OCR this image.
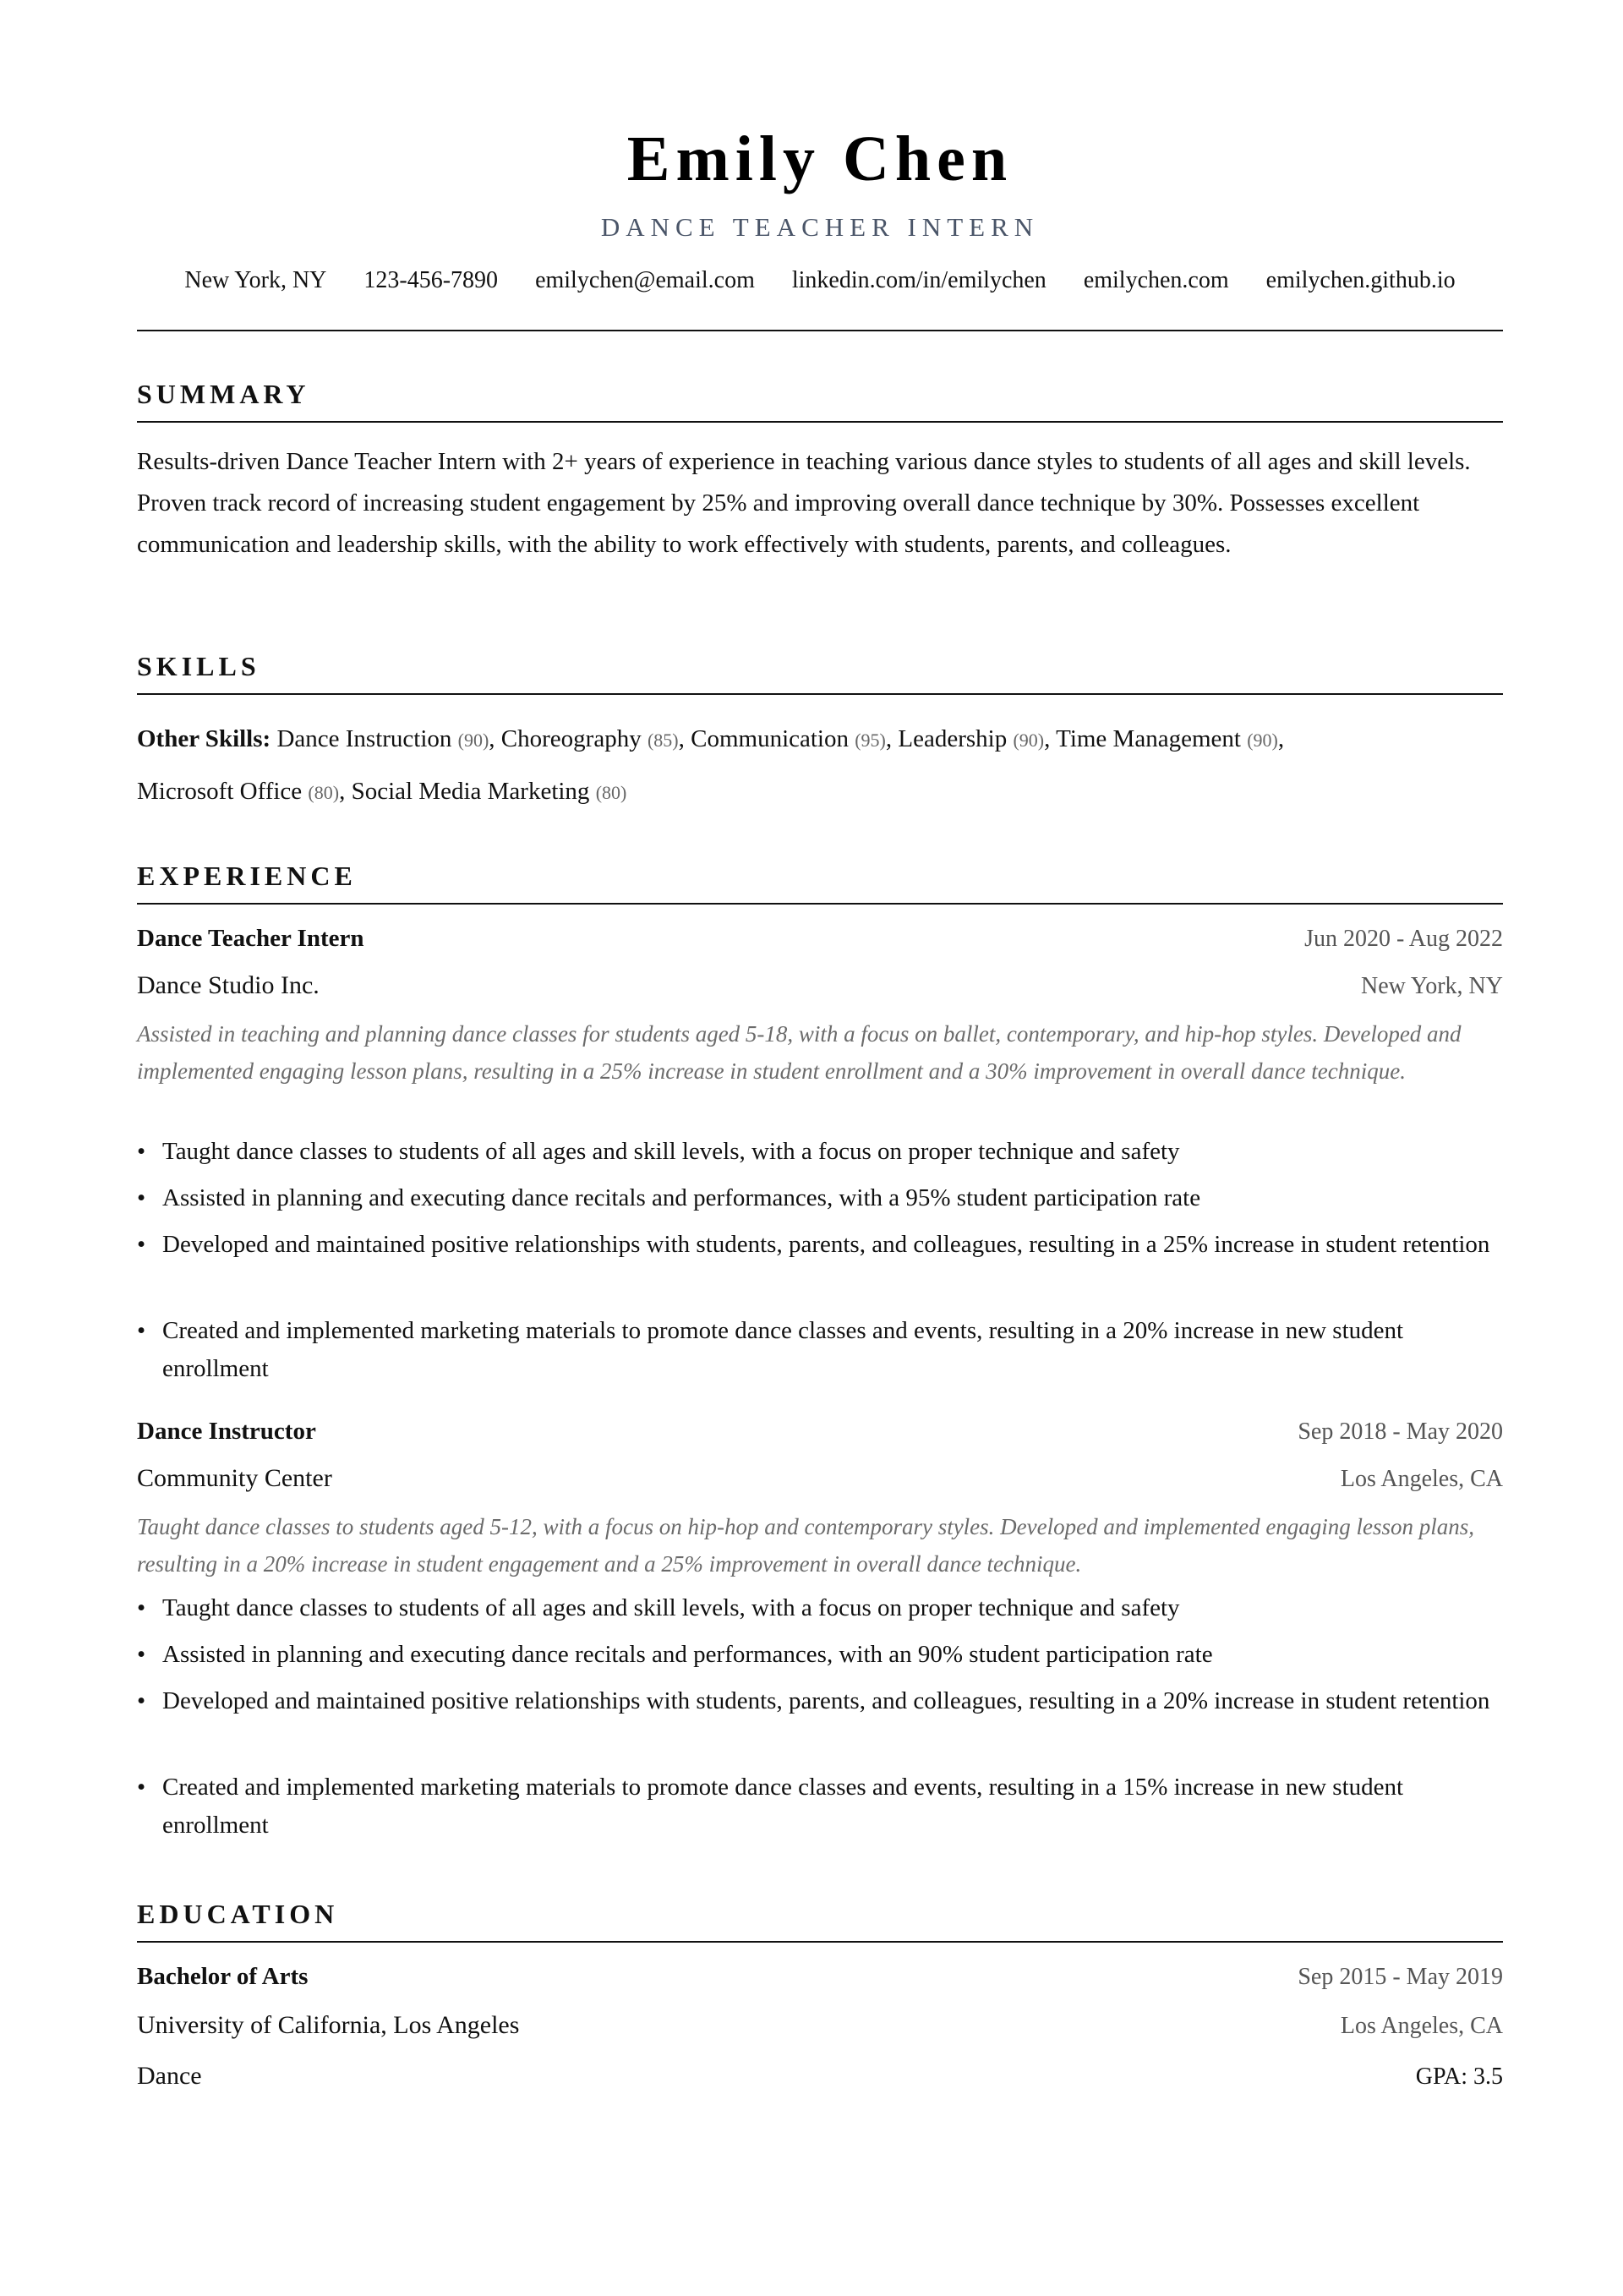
Emily Chen
DANCE TEACHER INTERN
New York, NY 123-456-7890 emilychen@email.com linkedin.com/in/emilychen emilychen.com emilychen.github.io
SUMMARY

Results-driven Dance Teacher Intern with 2+ years of experience in teaching various dance styles to students of all ages and skill levels. Proven track record of increasing student engagement by 25% and improving overall dance technique by 30%. Possesses excellent communication and leadership skills, with the ability to work effectively with students, parents, and colleagues.

SKILLS

Other Skills: Dance Instruction (90), Choreography (85), Communication (95), Leadership (90), Time Management (90),
Microsoft Office (80), Social Media Marketing (80)

EXPERIENCE
Dance Teacher Intern	Jun 2020 - Aug 2022
Dance Studio Inc.	New York, NY

Assisted in teaching and planning dance classes for students aged 5-18, with a focus on ballet, contemporary, and hip-hop styles. Developed and implemented engaging lesson plans, resulting in a 25% increase in student enrollment and a 30% improvement in overall dance technique.

• Taught dance classes to students of all ages and skill levels, with a focus on proper technique and safety
• Assisted in planning and executing dance recitals and performances, with a 95% student participation rate
• Developed and maintained positive relationships with students, parents, and colleagues, resulting in a 25% increase in student retention
• Created and implemented marketing materials to promote dance classes and events, resulting in a 20% increase in new student enrollment
Dance Instructor	Sep 2018 - May 2020
Community Center	Los Angeles, CA

Taught dance classes to students aged 5-12, with a focus on hip-hop and contemporary styles. Developed and implemented engaging lesson plans, resulting in a 20% increase in student engagement and a 25% improvement in overall dance technique.

• Taught dance classes to students of all ages and skill levels, with a focus on proper technique and safety
• Assisted in planning and executing dance recitals and performances, with an 90% student participation rate
• Developed and maintained positive relationships with students, parents, and colleagues, resulting in a 20% increase in student retention
• Created and implemented marketing materials to promote dance classes and events, resulting in a 15% increase in new student enrollment
EDUCATION
Bachelor of Arts	Sep 2015 - May 2019
University of California, Los Angeles	Los Angeles, CA
Dance	GPA: 3.5
